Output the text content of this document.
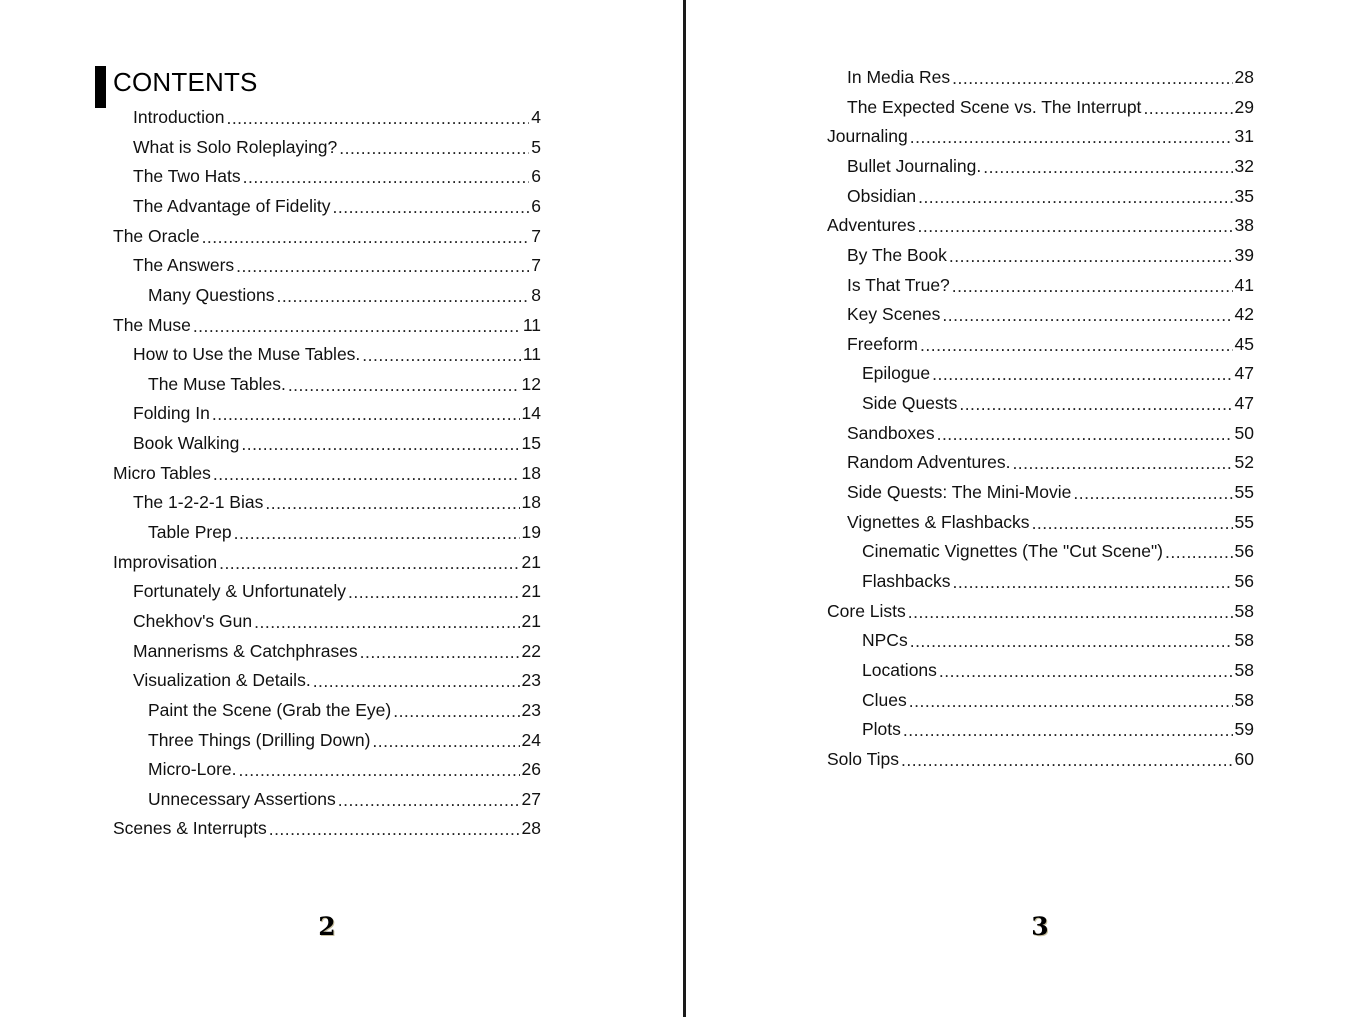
CONTENTS
Introduction .....	4
What is Solo Roleplaying? .....	5
The Two Hats .....	6
The Advantage of Fidelity .....	6
The Oracle .....	7
The Answers .....	7
Many Questions .....	8
The Muse .....	11
How to Use the Muse Tables. .....	11
The Muse Tables. .....	12
Folding In .....	14
Book Walking .....	15
Micro Tables .....	18
The 1-2-2-1 Bias .....	18
Table Prep .....	19
Improvisation .....	21
Fortunately & Unfortunately .....	21
Chekhov's Gun .....	21
Mannerisms & Catchphrases .....	22
Visualization & Details. .....	23
Paint the Scene (Grab the Eye) .....	23
Three Things (Drilling Down) .....	24
Micro-Lore. .....	26
Unnecessary Assertions .....	27
Scenes & Interrupts .....	28
2
In Media Res .....	28
The Expected Scene vs. The Interrupt .....	29
Journaling .....	31
Bullet Journaling. .....	32
Obsidian .....	35
Adventures .....	38
By The Book .....	39
Is That True? .....	41
Key Scenes .....	42
Freeform .....	45
Epilogue .....	47
Side Quests .....	47
Sandboxes .....	50
Random Adventures. .....	52
Side Quests: The Mini-Movie .....	55
Vignettes & Flashbacks .....	55
Cinematic Vignettes (The "Cut Scene") .....	56
Flashbacks .....	56
Core Lists .....	58
NPCs .....	58
Locations .....	58
Clues .....	58
Plots .....	59
Solo Tips .....	60
3
